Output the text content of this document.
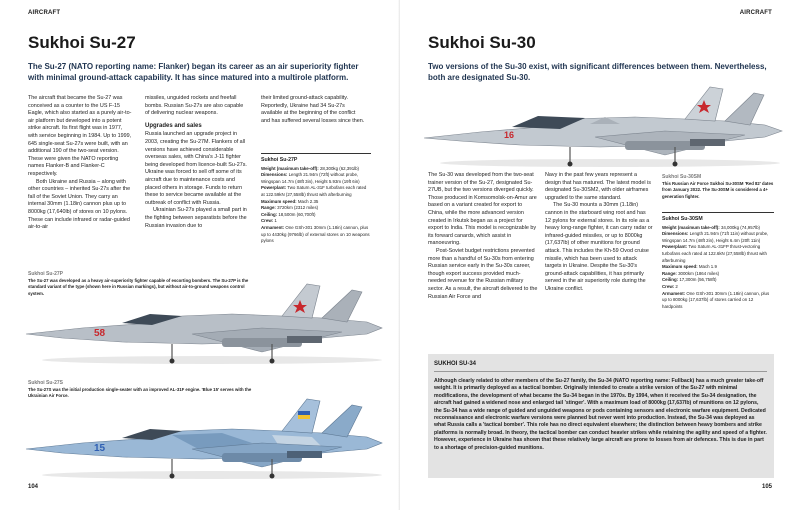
AIRCRAFT
Sukhoi Su-27
The Su-27 (NATO reporting name: Flanker) began its career as an air superiority fighter with minimal ground-attack capability. It has since matured into a multirole platform.

The aircraft that became the Su-27 was conceived as a counter to the US F-15 Eagle, which also started as a purely air-to-air platform but developed into a potent strike aircraft. Its first flight was in 1977, with service beginning in 1984. Up to 1999, 645 single-seat Su-27s were built, with an additional 190 of the two-seat version. These were given the NATO reporting names Flanker-B and Flanker-C respectively.

Both Ukraine and Russia – along with other countries – inherited Su-27s after the fall of the Soviet Union. They carry an internal 30mm (1.18in) cannon plus up to 8000kg (17,640lb) of stores on 10 pylons. These can include infrared or radar-guided air-to-air

missiles, unguided rockets and freefall bombs. Russian Su-27s are also capable of delivering nuclear weapons.

Upgrades and sales

Russia launched an upgrade project in 2003, creating the Su-27M. Flankers of all versions have achieved considerable overseas sales, with China's J-11 fighter being developed from licence-built Su-27s. Ukraine was forced to sell off some of its aircraft due to maintenance costs and placed others in storage. Funds to return these to service became available at the outbreak of conflict with Russia.

Ukrainian Su-27s played a small part in the fighting between separatists before the Russian invasion due to

their limited ground-attack capability. Reportedly, Ukraine had 34 Su-27s available at the beginning of the conflict and has suffered several losses since then.

Sukhoi Su-27P
Weight (maximum take-off): 28,300kg (62,391lb)
Dimensions: Length 21.94m (72ft) without probe, Wingspan 14.7m (48ft 3in), Height 5.93m (19ft 6in)
Powerplant: Two Saturn AL-31F turbofans each rated at 122.59kN (27,558lb) thrust with afterburning
Maximum speed: Mach 2.35
Range: 3720km (2312 miles)
Ceiling: 18,500m (60,700ft)
Crew: 1
Armament: One GSh-301 30mm (1.18in) cannon, plus up to 4430kg (9766lb) of external stores on 10 weapons pylons
Sukhoi Su-27P
The Su-27 was developed as a heavy air-superiority fighter capable of escorting bombers. The Su-27P is the standard variant of the type (shown here in Russian markings), but without air-to-ground weapons control system.
58
Sukhoi Su-27S
The Su-27S was the initial production single-seater with an improved AL-31F engine. 'Blue 15' serves with the Ukrainian Air Force.
15
104
AIRCRAFT
Sukhoi Su-30
Two versions of the Su-30 exist, with significant differences between them. Nevertheless, both are designated Su-30.
16

The Su-30 was developed from the two-seat trainer version of the Su-27, designated Su-27UB, but the two versions diverged quickly. Those produced in Komsomolsk-on-Amur are based on a variant created for export to China, while the more advanced version created in Irkutsk began as a project for export to India. This model is recognizable by its forward canards, which assist in manoeuvring.

Post-Soviet budget restrictions prevented more than a handful of Su-30s from entering Russian service early in the Su-30s career, though export success provided much-needed revenue for the Russian military sector. As a result, the aircraft delivered to the Russian Air Force and

Navy in the past few years represent a design that has matured. The latest model is designated Su-30SM2, with older airframes upgraded to the same standard.

The Su-30 mounts a 30mm (1.18in) cannon in the starboard wing root and has 12 pylons for external stores. In its role as a heavy long-range fighter, it can carry radar or infrared-guided missiles, or up to 8000kg (17,637lb) of other munitions for ground attack. This includes the Kh-59 Ovod cruise missile, which has been used to attack targets in Ukraine. Despite the Su-30's ground-attack capabilities, it has primarily served in the air superiority role during the Ukraine conflict.

Sukhoi Su-30SM
This Russian Air Force Sukhoi Su-30SM 'Red 82' dates from January 2022. The Su-30SM is considered a 4+ generation fighter.
Sukhoi Su-30SM
Weight (maximum take-off): 34,000kg (74,957lb)
Dimensions: Length 21.94m (71ft 11in) without probe, Wingspan 14.7m (48ft 2in), Height 6.4m (20ft 11in)
Powerplant: Two Saturn AL-31FP thrust-vectoring turbofans each rated at 122.6kN (27,558lb) thrust with afterburning
Maximum speed: Mach 1.9
Range: 3000km (1864 miles)
Ceiling: 17,300m (56,758ft)
Crew: 2
Armament: One GSh-301 30mm (1.18in) cannon, plus up to 8000kg (17,637lb) of stores carried on 12 hardpoints
105
SUKHOI SU-34
Although clearly related to other members of the Su-27 family, the Su-34 (NATO reporting name: Fullback) has a much greater take-off weight. It is primarily deployed as a tactical bomber. Originally intended to create a strike version of the Su-27 with minimal modifications, the development of what became the Su-34 began in the 1970s. By 1994, when it received the Su-34 designation, the aircraft had gained a widened nose and enlarged tail 'stinger'. With a maximum load of 8000kg (17,637lb) of munitions on 12 pylons, the Su-34 has a wide range of guided and unguided weapons or pods containing sensors and electronic warfare equipment. Dedicated reconnaissance and electronic warfare versions were planned but never went into production. Instead, the Su-34 was deployed as what Russia calls a 'tactical bomber'. This role has no direct equivalent elsewhere; the distinction between heavy bombers and strike platforms is normally broad. In theory, the tactical bomber can conduct heavier strikes while retaining the agility and speed of a fighter. However, experience in Ukraine has shown that these relatively large aircraft are prone to losses from air defences. This is due in part to a shortage of precision-guided munitions.
